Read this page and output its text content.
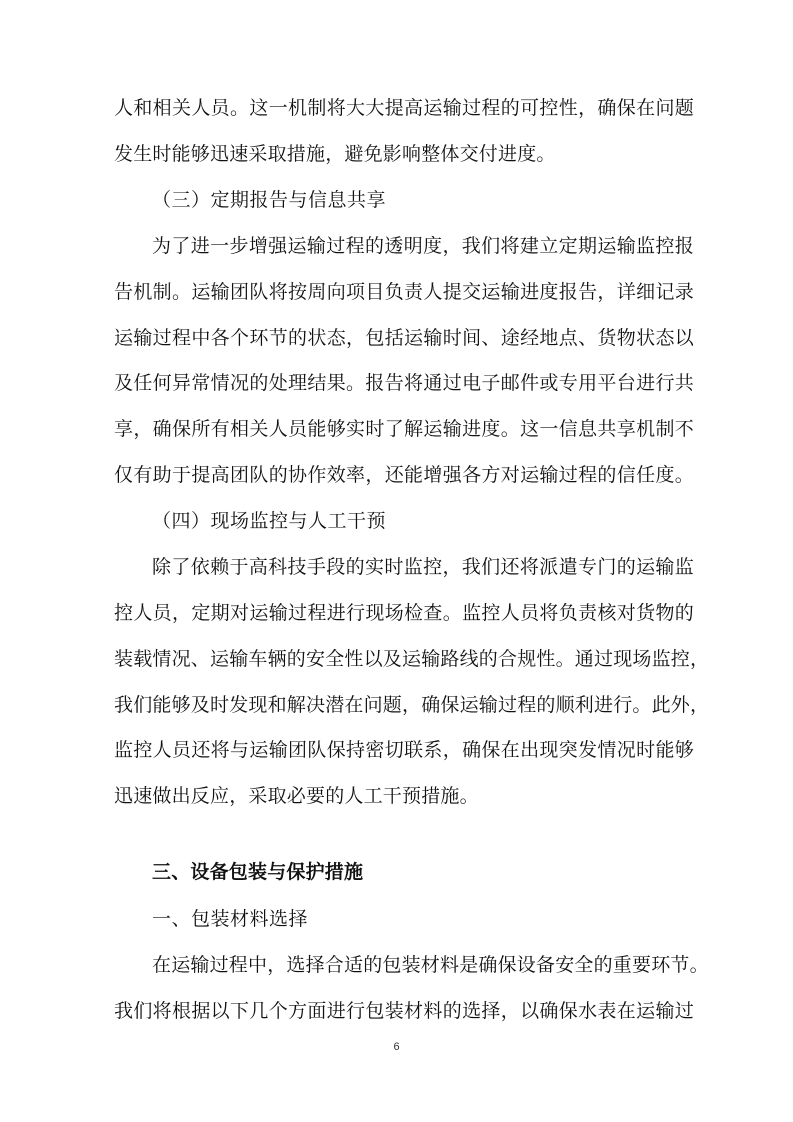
人和相关人员。这一机制将大大提高运输过程的可控性，确保在问题
发生时能够迅速采取措施，避免影响整体交付进度。
（三）定期报告与信息共享
为了进一步增强运输过程的透明度，我们将建立定期运输监控报
告机制。运输团队将按周向项目负责人提交运输进度报告，详细记录
运输过程中各个环节的状态，包括运输时间、途经地点、货物状态以
及任何异常情况的处理结果。报告将通过电子邮件或专用平台进行共
享，确保所有相关人员能够实时了解运输进度。这一信息共享机制不
仅有助于提高团队的协作效率，还能增强各方对运输过程的信任度。
（四）现场监控与人工干预
除了依赖于高科技手段的实时监控，我们还将派遣专门的运输监
控人员，定期对运输过程进行现场检查。监控人员将负责核对货物的
装载情况、运输车辆的安全性以及运输路线的合规性。通过现场监控，
我们能够及时发现和解决潜在问题，确保运输过程的顺利进行。此外，
监控人员还将与运输团队保持密切联系，确保在出现突发情况时能够
迅速做出反应，采取必要的人工干预措施。
三、设备包装与保护措施
一、包装材料选择
在运输过程中，选择合适的包装材料是确保设备安全的重要环节。
我们将根据以下几个方面进行包装材料的选择，以确保水表在运输过
6
